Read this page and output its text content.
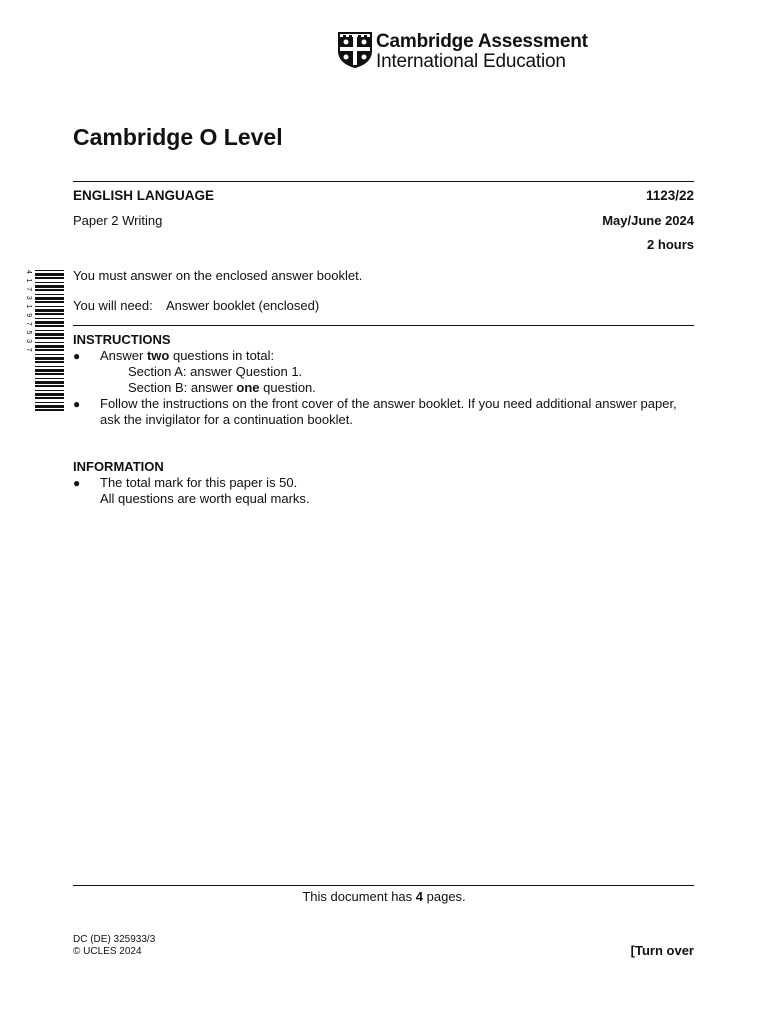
Cambridge Assessment
International Education
Cambridge O Level
ENGLISH LANGUAGE	1123/22
Paper 2 Writing	May/June 2024
2 hours
4 1 7 3 1 9 7 5 3 7	You must answer on the enclosed answer booklet.
You will need: Answer booklet (enclosed)
INSTRUCTIONS
● Answer two questions in total:
Section A: answer Question 1.
Section B: answer one question.
● Follow the instructions on the front cover of the answer booklet. If you need additional answer paper,
ask the invigilator for a continuation booklet.
INFORMATION
● The total mark for this paper is 50.
All questions are worth equal marks.
This document has 4 pages.
DC (DE) 325933/3
© UCLES 2024	[Turn over
